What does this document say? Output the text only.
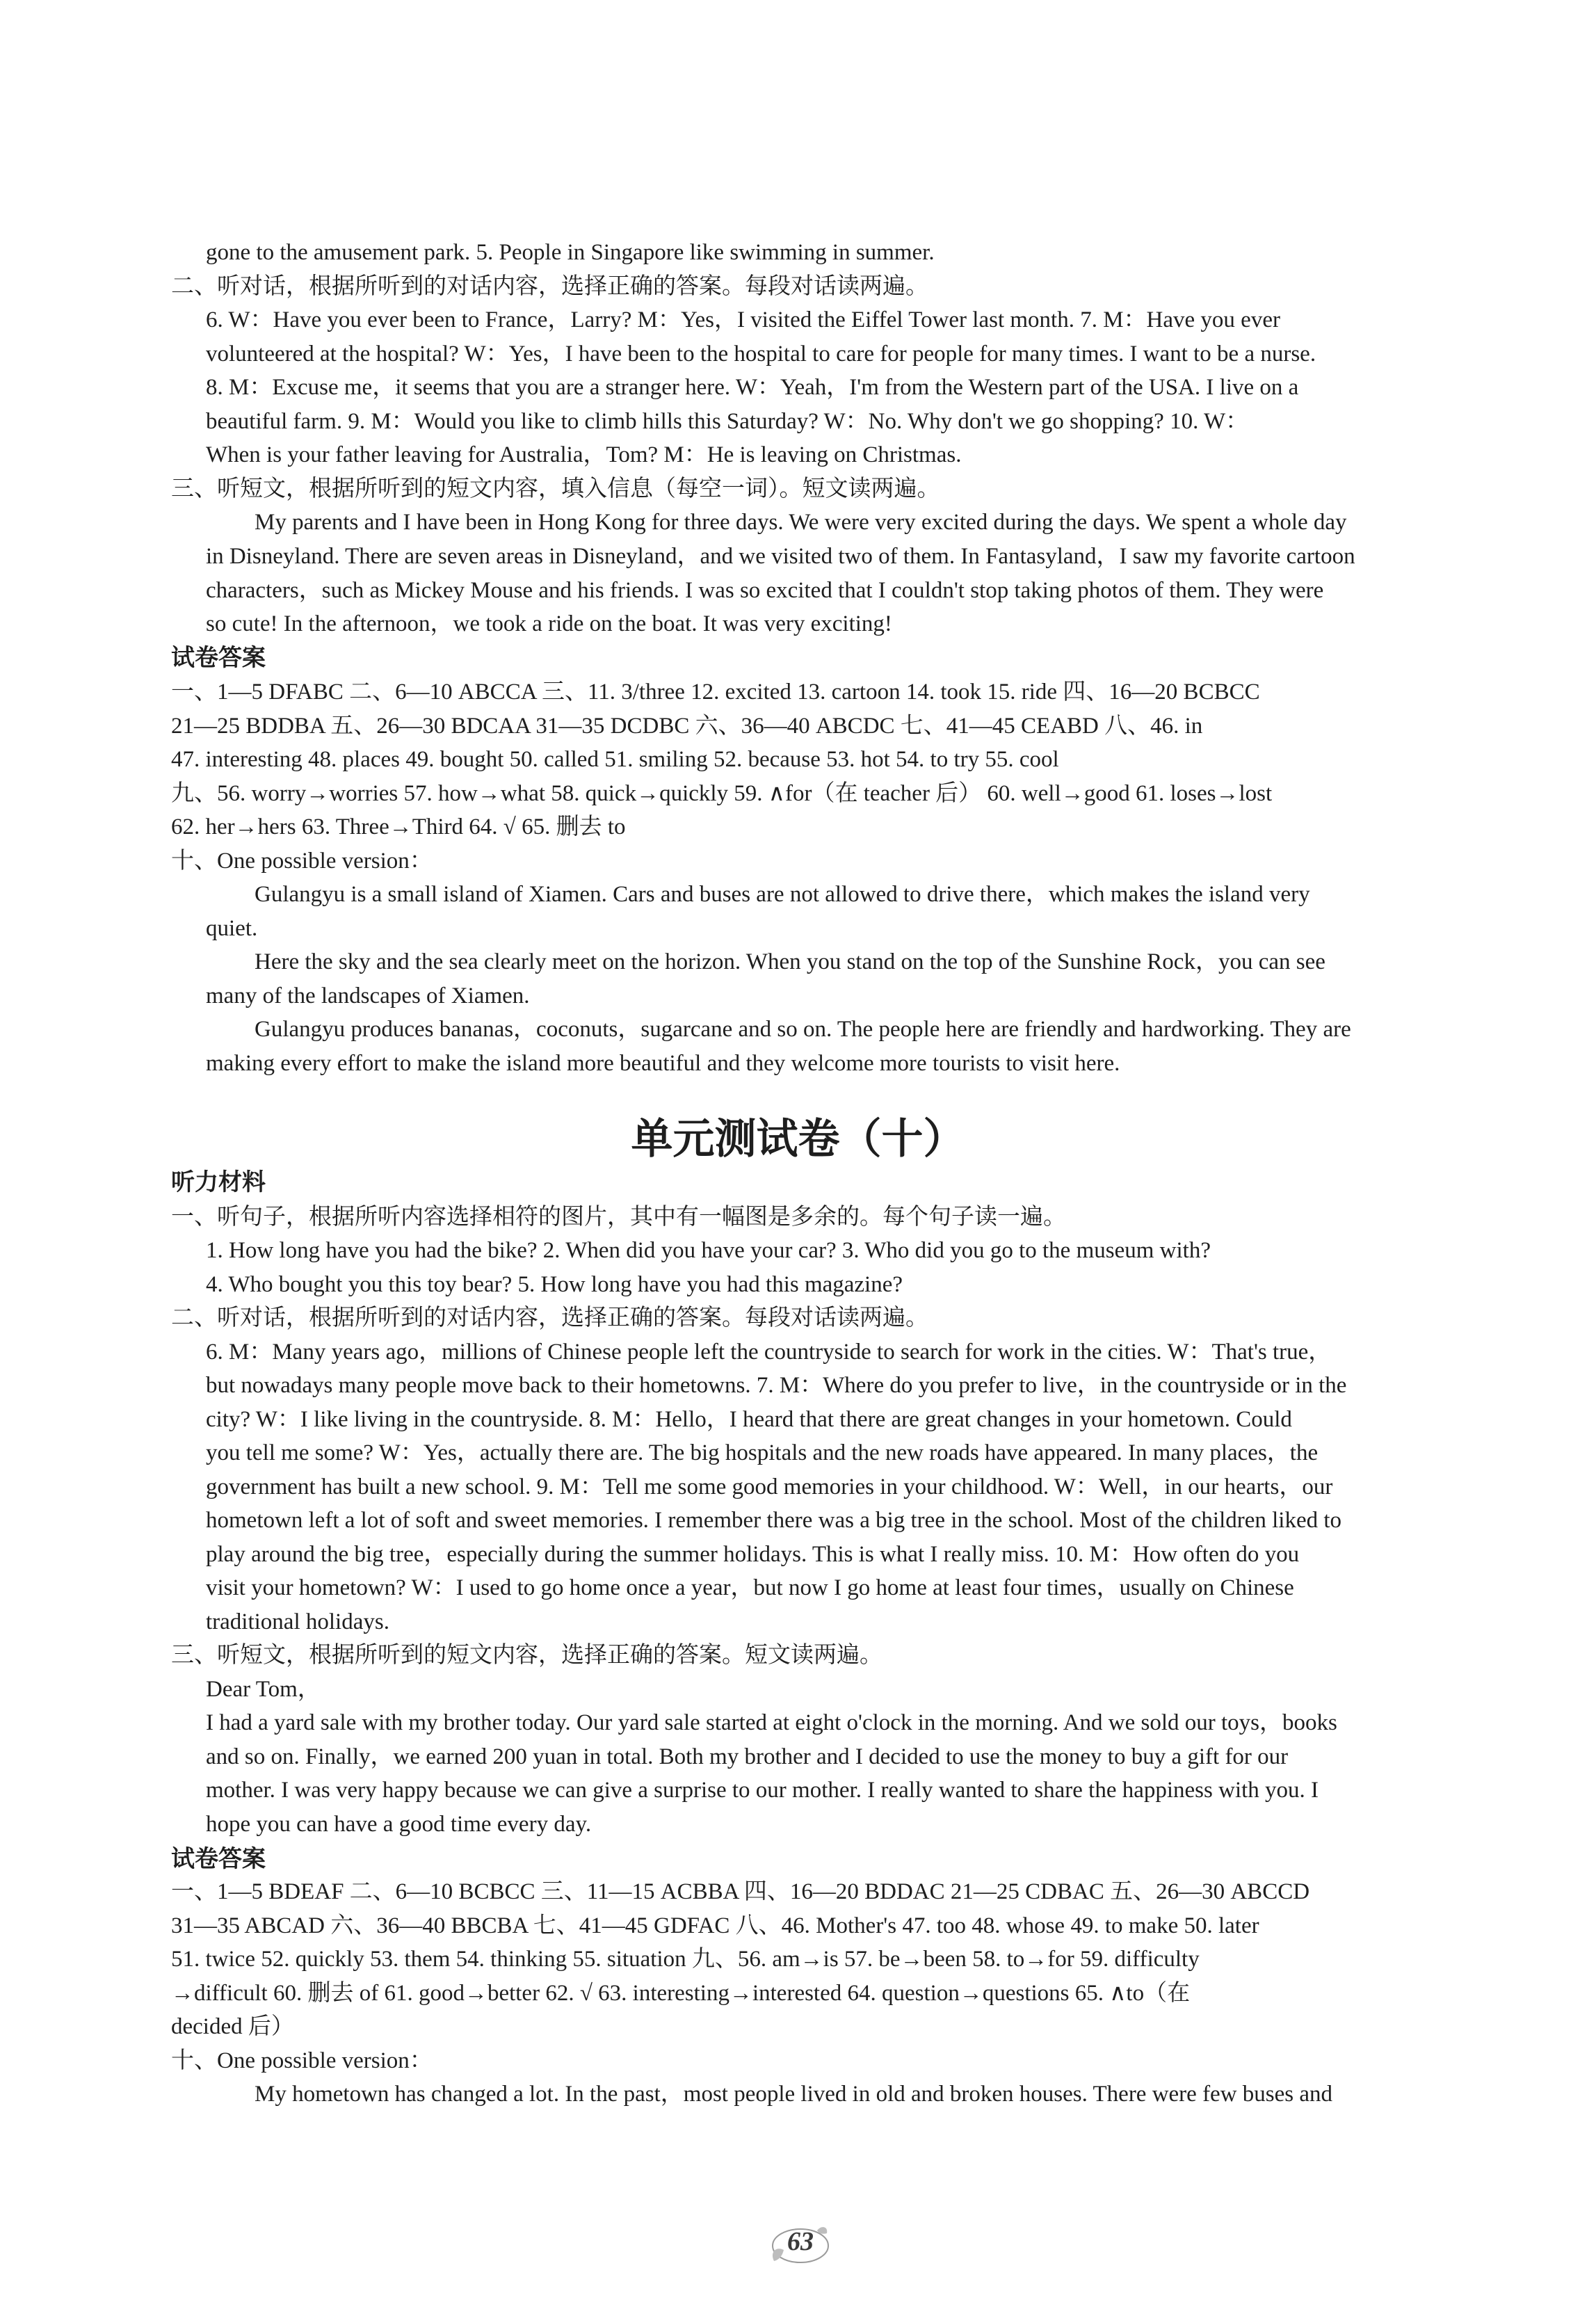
gone to the amusement park. 5. People in Singapore like swimming in summer.

二、听对话，根据所听到的对话内容，选择正确的答案。每段对话读两遍。

6. W：Have you ever been to France，Larry? M：Yes，I visited the Eiffel Tower last month. 7. M：Have you ever

volunteered at the hospital? W：Yes，I have been to the hospital to care for people for many times. I want to be a nurse.

8. M：Excuse me，it seems that you are a stranger here. W：Yeah，I'm from the Western part of the USA. I live on a

beautiful farm. 9. M：Would you like to climb hills this Saturday? W：No. Why don't we go shopping? 10. W：

When is your father leaving for Australia，Tom? M：He is leaving on Christmas.

三、听短文，根据所听到的短文内容，填入信息（每空一词）。短文读两遍。

My parents and I have been in Hong Kong for three days. We were very excited during the days. We spent a whole day

in Disneyland. There are seven areas in Disneyland，and we visited two of them. In Fantasyland，I saw my favorite cartoon

characters，such as Mickey Mouse and his friends. I was so excited that I couldn't stop taking photos of them. They were

so cute! In the afternoon，we took a ride on the boat. It was very exciting!

试卷答案

一、1—5 DFABC 二、6—10 ABCCA 三、11. 3/three 12. excited 13. cartoon 14. took 15. ride 四、16—20 BCBCC

21—25 BDDBA 五、26—30 BDCAA 31—35 DCDBC 六、36—40 ABCDC 七、41—45 CEABD 八、46. in

47. interesting 48. places 49. bought 50. called 51. smiling 52. because 53. hot 54. to try 55. cool

九、56. worry→worries 57. how→what 58. quick→quickly 59. ∧for（在 teacher 后） 60. well→good 61. loses→lost

62. her→hers 63. Three→Third 64. √ 65. 删去 to

十、One possible version：

Gulangyu is a small island of Xiamen. Cars and buses are not allowed to drive there，which makes the island very

quiet.

Here the sky and the sea clearly meet on the horizon. When you stand on the top of the Sunshine Rock，you can see

many of the landscapes of Xiamen.

Gulangyu produces bananas，coconuts，sugarcane and so on. The people here are friendly and hardworking. They are

making every effort to make the island more beautiful and they welcome more tourists to visit here.

单元测试卷（十）
听力材料

一、听句子，根据所听内容选择相符的图片，其中有一幅图是多余的。每个句子读一遍。

1. How long have you had the bike? 2. When did you have your car? 3. Who did you go to the museum with?

4. Who bought you this toy bear? 5. How long have you had this magazine?

二、听对话，根据所听到的对话内容，选择正确的答案。每段对话读两遍。

6. M：Many years ago，millions of Chinese people left the countryside to search for work in the cities. W：That's true，

but nowadays many people move back to their hometowns. 7. M：Where do you prefer to live，in the countryside or in the

city? W：I like living in the countryside. 8. M：Hello，I heard that there are great changes in your hometown. Could

you tell me some? W：Yes，actually there are. The big hospitals and the new roads have appeared. In many places，the

government has built a new school. 9. M：Tell me some good memories in your childhood. W：Well，in our hearts，our

hometown left a lot of soft and sweet memories. I remember there was a big tree in the school. Most of the children liked to

play around the big tree，especially during the summer holidays. This is what I really miss. 10. M：How often do you

visit your hometown? W：I used to go home once a year，but now I go home at least four times，usually on Chinese

traditional holidays.

三、听短文，根据所听到的短文内容，选择正确的答案。短文读两遍。

Dear Tom，

I had a yard sale with my brother today. Our yard sale started at eight o'clock in the morning. And we sold our toys，books

and so on. Finally，we earned 200 yuan in total. Both my brother and I decided to use the money to buy a gift for our

mother. I was very happy because we can give a surprise to our mother. I really wanted to share the happiness with you. I

hope you can have a good time every day.

试卷答案

一、1—5 BDEAF 二、6—10 BCBCC 三、11—15 ACBBA 四、16—20 BDDAC 21—25 CDBAC 五、26—30 ABCCD

31—35 ABCAD 六、36—40 BBCBA 七、41—45 GDFAC 八、46. Mother's 47. too 48. whose 49. to make 50. later

51. twice 52. quickly 53. them 54. thinking 55. situation 九、56. am→is 57. be→been 58. to→for 59. difficulty

→difficult 60. 删去 of 61. good→better 62. √ 63. interesting→interested 64. question→questions 65. ∧to（在

decided 后）

十、One possible version：

My hometown has changed a lot. In the past，most people lived in old and broken houses. There were few buses and

63
